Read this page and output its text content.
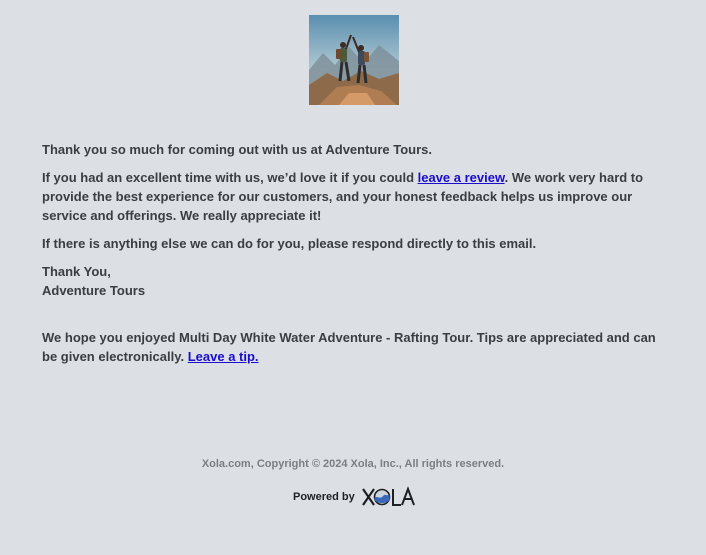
Thank you so much for coming out with us at Adventure Tours.

If you had an excellent time with us, we’d love it if you could leave a review. We work very hard to provide the best experience for our customers, and your honest feedback helps us improve our service and offerings. We really appreciate it!

If there is anything else we can do for you, please respond directly to this email.

Thank You,
Adventure Tours

We hope you enjoyed Multi Day White Water Adventure - Rafting Tour. Tips are appreciated and can be given electronically. Leave a tip.

Xola.com, Copyright © 2024 Xola, Inc., All rights reserved.
Powered by
